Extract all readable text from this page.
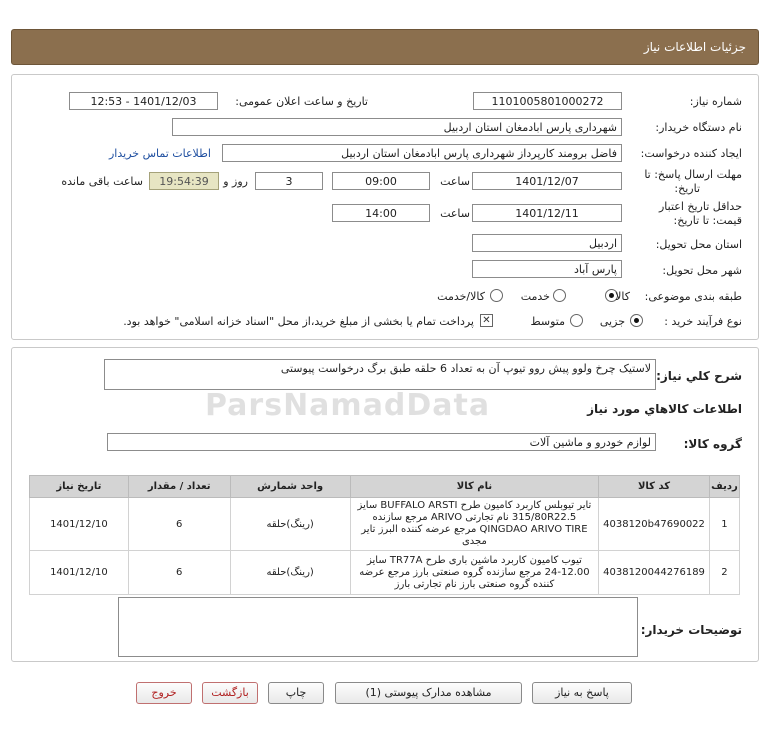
جزئیات اطلاعات نیاز
شماره نیاز:
1101005801000272
تاریخ و ساعت اعلان عمومی:
1401/12/03 - 12:53
نام دستگاه خریدار:
شهرداری پارس ابادمغان استان اردبیل
ایجاد کننده درخواست:
فاضل برومند کارپرداز شهرداری پارس ابادمغان استان اردبیل
اطلاعات تماس خریدار
مهلت ارسال پاسخ: تا
تاریخ:
1401/12/07
ساعت
09:00
3
روز و
19:54:39
ساعت باقی مانده
حداقل تاریخ اعتبار
قیمت: تا تاریخ:
1401/12/11
ساعت
14:00
استان محل تحویل:
اردبیل
شهر محل تحویل:
پارس آباد
طبقه بندی موضوعی:
کالا
خدمت
کالا/خدمت
نوع فرآیند خرید :
جزیی
متوسط
✕
پرداخت تمام یا بخشی از مبلغ خرید،از محل "اسناد خزانه اسلامی" خواهد بود.
شرح کلي نياز:
لاستیک چرخ ولوو پیش روو تیوپ آن به تعداد 6 حلقه طبق برگ درخواست پیوستی
اطلاعات کالاهاي مورد نياز
گروه کالا:
لوازم خودرو و ماشین آلات
ردیف	کد کالا	نام کالا	واحد شمارش	تعداد / مقدار	تاریخ نیاز
1	4038120b47690022	تایر تیوبلس کاربرد کامیون طرح BUFFALO ARSTI سایز 315/80R22.5 نام تجارتی ARIVO مرجع سازنده QINGDAO ARIVO TIRE مرجع عرضه کننده البرز تایر مجدی	(رینگ)حلقه	6	1401/12/10
2	4038120044276189	تیوب کامیون کاربرد ماشین باری طرح TR77A سایز 12.00-24 مرجع سازنده گروه صنعتی بارز مرجع عرضه کننده گروه صنعتی بارز نام تجارتی بارز	(رینگ)حلقه	6	1401/12/10
توضیحات خریدار:
پاسخ به نیاز
مشاهده مدارک پیوستی (1)
چاپ
بازگشت
خروج
